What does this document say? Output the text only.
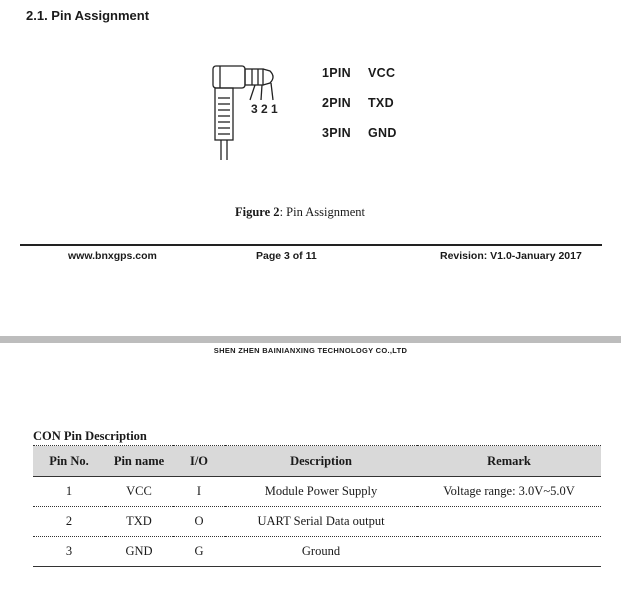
2.1. Pin Assignment
3 2 1
1PIN VCC
2PIN TXD
3PIN GND
Figure 2: Pin Assignment
www.bnxgps.com	Page 3 of 11	Revision: V1.0-January 2017
SHEN ZHEN BAINIANXING TECHNOLOGY CO.,LTD
CON Pin Description
Pin No.	Pin name	I/O	Description	Remark
1	VCC	I	Module Power Supply	Voltage range: 3.0V~5.0V
2	TXD	O	UART Serial Data output	
3	GND	G	Ground	
